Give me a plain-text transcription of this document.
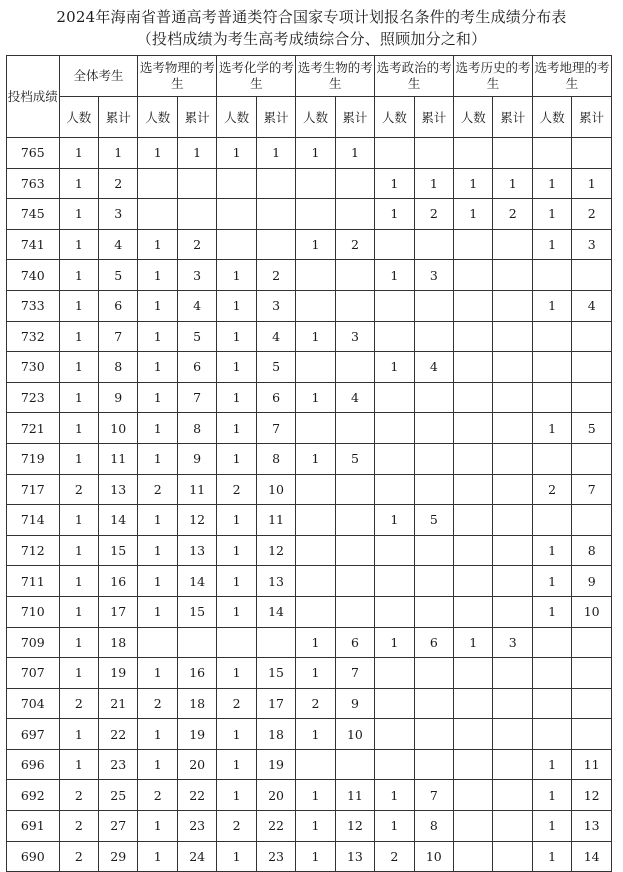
2024年海南省普通高考普通类符合国家专项计划报名条件的考生成绩分布表
（投档成绩为考生高考成绩综合分、照顾加分之和）
投档成绩	全体考生		选考物理的考生		选考化学的考生		选考生物的考生		选考政治的考生		选考历史的考生		选考地理的考生	
	人数	累计	人数	累计	人数	累计	人数	累计	人数	累计	人数	累计	人数	累计
765	1	1	1	1	1	1	1	1						
763	1	2							1	1	1	1	1	1
745	1	3							1	2	1	2	1	2
741	1	4	1	2			1	2					1	3
740	1	5	1	3	1	2			1	3				
733	1	6	1	4	1	3							1	4
732	1	7	1	5	1	4	1	3						
730	1	8	1	6	1	5			1	4				
723	1	9	1	7	1	6	1	4						
721	1	10	1	8	1	7							1	5
719	1	11	1	9	1	8	1	5						
717	2	13	2	11	2	10							2	7
714	1	14	1	12	1	11			1	5				
712	1	15	1	13	1	12							1	8
711	1	16	1	14	1	13							1	9
710	1	17	1	15	1	14							1	10
709	1	18					1	6	1	6	1	3		
707	1	19	1	16	1	15	1	7						
704	2	21	2	18	2	17	2	9						
697	1	22	1	19	1	18	1	10						
696	1	23	1	20	1	19							1	11
692	2	25	2	22	1	20	1	11	1	7			1	12
691	2	27	1	23	2	22	1	12	1	8			1	13
690	2	29	1	24	1	23	1	13	2	10			1	14
